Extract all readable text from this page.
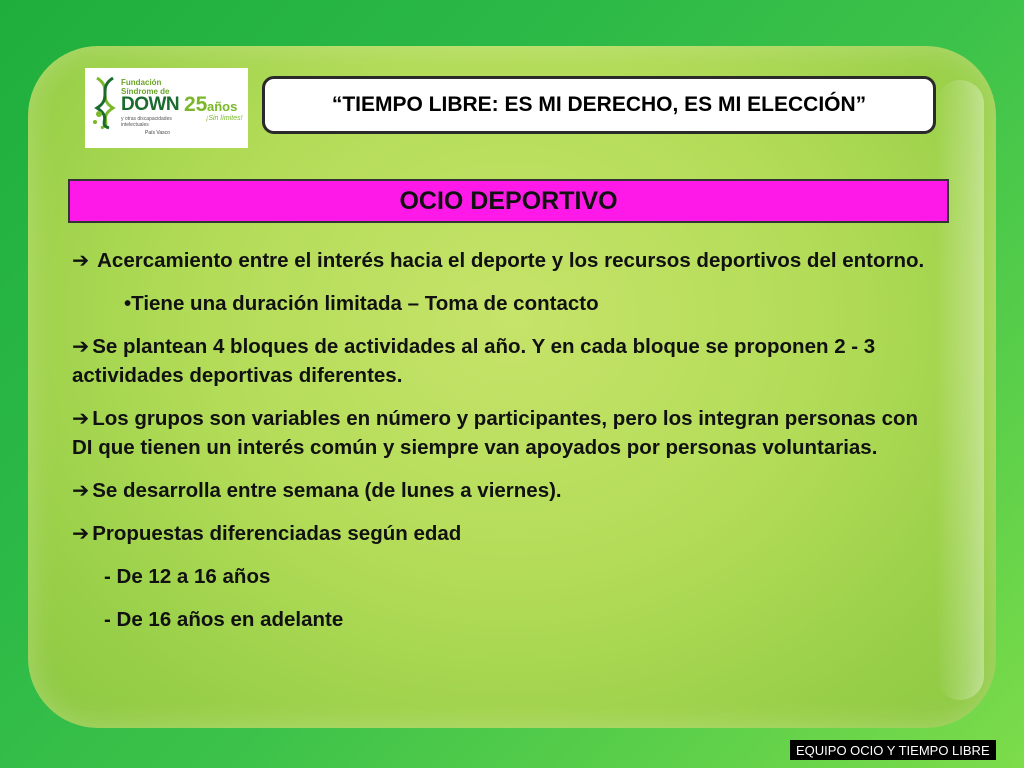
Fundación
Síndrome de
DOWN 25 años
y otras discapacidades intelectuales
¡Sin límites!
País Vasco
“TIEMPO LIBRE: ES MI DERECHO, ES MI ELECCIÓN”
OCIO DEPORTIVO

➔ Acercamiento entre el interés hacia el deporte y los recursos deportivos del entorno.

•Tiene una duración limitada – Toma de contacto

➔ Se plantean 4 bloques de actividades al año. Y en cada bloque se proponen 2 - 3 actividades deportivas diferentes.

➔ Los grupos son variables en número y participantes, pero los integran personas con DI que tienen un interés común y siempre van apoyados por personas voluntarias.

➔ Se desarrolla entre semana (de lunes a viernes).

➔ Propuestas diferenciadas según edad

- De 12 a 16 años

- De 16 años en adelante

EQUIPO OCIO Y TIEMPO LIBRE
